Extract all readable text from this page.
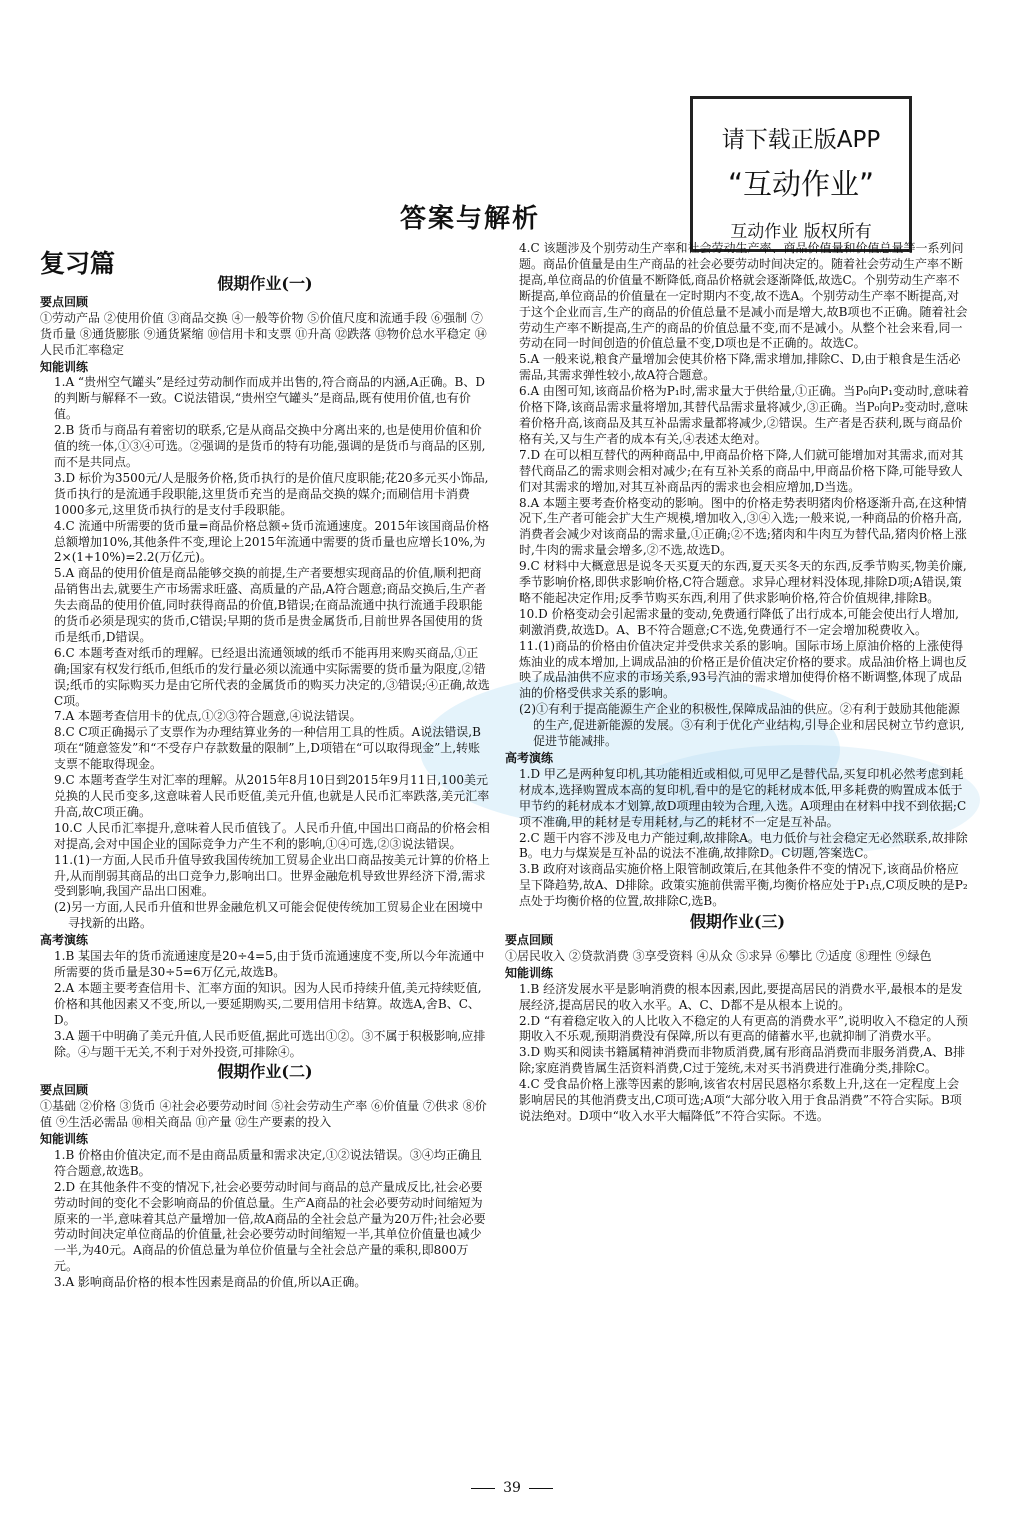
请下载正版APP
“互动作业”
互动作业 版权所有
答案与解析
复习篇
假期作业(一)
要点回顾

①劳动产品 ②使用价值 ③商品交换 ④一般等价物 ⑤价值尺度和流通手段 ⑥强制 ⑦货币量 ⑧通货膨胀 ⑨通货紧缩 ⑩信用卡和支票 ⑪升高 ⑫跌落 ⑬物价总水平稳定 ⑭人民币汇率稳定

知能训练

1.A “贵州空气罐头”是经过劳动制作而成并出售的,符合商品的内涵,A正确。B、D的判断与解释不一致。C说法错误,“贵州空气罐头”是商品,既有使用价值,也有价值。

2.B 货币与商品有着密切的联系,它是从商品交换中分离出来的,也是使用价值和价值的统一体,①③④可选。②强调的是货币的特有功能,强调的是货币与商品的区别,而不是共同点。

3.D 标价为3500元/人是服务价格,货币执行的是价值尺度职能;花20多元买小饰品,货币执行的是流通手段职能,这里货币充当的是商品交换的媒介;而刷信用卡消费1000多元,这里货币执行的是支付手段职能。

4.C 流通中所需要的货币量=商品价格总额÷货币流通速度。2015年该国商品价格总额增加10%,其他条件不变,理论上2015年流通中需要的货币量也应增长10%,为2×(1+10%)=2.2(万亿元)。

5.A 商品的使用价值是商品能够交换的前提,生产者要想实现商品的价值,顺利把商品销售出去,就要生产市场需求旺盛、高质量的产品,A符合题意;商品交换后,生产者失去商品的使用价值,同时获得商品的价值,B错误;在商品流通中执行流通手段职能的货币必须是现实的货币,C错误;早期的货币是贵金属货币,目前世界各国使用的货币是纸币,D错误。

6.C 本题考查对纸币的理解。已经退出流通领域的纸币不能再用来购买商品,①正确;国家有权发行纸币,但纸币的发行量必须以流通中实际需要的货币量为限度,②错误;纸币的实际购买力是由它所代表的金属货币的购买力决定的,③错误;④正确,故选C项。

7.A 本题考查信用卡的优点,①②③符合题意,④说法错误。

8.C C项正确揭示了支票作为办理结算业务的一种信用工具的性质。A说法错误,B项在“随意签发”和“不受存户存款数量的限制”上,D项错在“可以取得现金”上,转账支票不能取得现金。

9.C 本题考查学生对汇率的理解。从2015年8月10日到2015年9月11日,100美元兑换的人民币变多,这意味着人民币贬值,美元升值,也就是人民币汇率跌落,美元汇率升高,故C项正确。

10.C 人民币汇率提升,意味着人民币值钱了。人民币升值,中国出口商品的价格会相对提高,会对中国企业的国际竞争力产生不利的影响,①④可选,②③说法错误。

11.(1)一方面,人民币升值导致我国传统加工贸易企业出口商品按美元计算的价格上升,从而削弱其商品的出口竞争力,影响出口。世界金融危机导致世界经济下滑,需求受到影响,我国产品出口困难。

(2)另一方面,人民币升值和世界金融危机又可能会促使传统加工贸易企业在困境中寻找新的出路。

高考演练

1.B 某国去年的货币流通速度是20÷4=5,由于货币流通速度不变,所以今年流通中所需要的货币量是30÷5=6万亿元,故选B。

2.A 本题主要考查信用卡、汇率方面的知识。因为人民币持续升值,美元持续贬值,价格和其他因素又不变,所以,一要延期购买,二要用信用卡结算。故选A,舍B、C、D。

3.A 题干中明确了美元升值,人民币贬值,据此可选出①②。③不属于积极影响,应排除。④与题干无关,不利于对外投资,可排除④。

假期作业(二)
要点回顾

①基础 ②价格 ③货币 ④社会必要劳动时间 ⑤社会劳动生产率 ⑥价值量 ⑦供求 ⑧价值 ⑨生活必需品 ⑩相关商品 ⑪产量 ⑫生产要素的投入

知能训练

1.B 价格由价值决定,而不是由商品质量和需求决定,①②说法错误。③④均正确且符合题意,故选B。

2.D 在其他条件不变的情况下,社会必要劳动时间与商品的总产量成反比,社会必要劳动时间的变化不会影响商品的价值总量。生产A商品的社会必要劳动时间缩短为原来的一半,意味着其总产量增加一倍,故A商品的全社会总产量为20万件;社会必要劳动时间决定单位商品的价值量,社会必要劳动时间缩短一半,其单位价值量也减少一半,为40元。A商品的价值总量为单位价值量与全社会总产量的乘积,即800万元。

3.A 影响商品价格的根本性因素是商品的价值,所以A正确。

4.C 该题涉及个别劳动生产率和社会劳动生产率、商品价值量和价值总量等一系列问题。商品价值量是由生产商品的社会必要劳动时间决定的。随着社会劳动生产率不断提高,单位商品的价值量不断降低,商品价格就会逐渐降低,故选C。个别劳动生产率不断提高,单位商品的价值量在一定时期内不变,故不选A。个别劳动生产率不断提高,对于这个企业而言,生产的商品的价值总量不是减小而是增大,故B项也不正确。随着社会劳动生产率不断提高,生产的商品的价值总量不变,而不是减小。从整个社会来看,同一劳动在同一时间创造的价值总量不变,D项也是不正确的。故选C。

5.A 一般来说,粮食产量增加会使其价格下降,需求增加,排除C、D,由于粮食是生活必需品,其需求弹性较小,故A符合题意。

6.A 由图可知,该商品价格为P₁时,需求量大于供给量,①正确。当P₀向P₁变动时,意味着价格下降,该商品需求量将增加,其替代品需求量将减少,③正确。当P₀向P₂变动时,意味着价格升高,该商品及其互补品需求量都将减少,②错误。生产者是否获利,既与商品价格有关,又与生产者的成本有关,④表述太绝对。

7.D 在可以相互替代的两种商品中,甲商品价格下降,人们就可能增加对其需求,而对其替代商品乙的需求则会相对减少;在有互补关系的商品中,甲商品价格下降,可能导致人们对其需求的增加,对其互补商品丙的需求也会相应增加,D当选。

8.A 本题主要考查价格变动的影响。图中的价格走势表明猪肉价格逐渐升高,在这种情况下,生产者可能会扩大生产规模,增加收入,③④入选;一般来说,一种商品的价格升高,消费者会减少对该商品的需求量,①正确;②不选;猪肉和牛肉互为替代品,猪肉价格上涨时,牛肉的需求量会增多,②不选,故选D。

9.C 材料中大概意思是说冬天买夏天的东西,夏天买冬天的东西,反季节购买,物美价廉,季节影响价格,即供求影响价格,C符合题意。求异心理材料没体现,排除D项;A错误,策略不能起决定作用;反季节购买东西,利用了供求影响价格,符合价值规律,排除B。

10.D 价格变动会引起需求量的变动,免费通行降低了出行成本,可能会使出行人增加,刺激消费,故选D。A、B不符合题意;C不选,免费通行不一定会增加税费收入。

11.(1)商品的价格由价值决定并受供求关系的影响。国际市场上原油价格的上涨使得炼油业的成本增加,上调成品油的价格正是价值决定价格的要求。成品油价格上调也反映了成品油供不应求的市场关系,93号汽油的需求增加使得价格不断调整,体现了成品油的价格受供求关系的影响。

(2)①有利于提高能源生产企业的积极性,保障成品油的供应。②有利于鼓励其他能源的生产,促进新能源的发展。③有利于优化产业结构,引导企业和居民树立节约意识,促进节能减排。

高考演练

1.D 甲乙是两种复印机,其功能相近或相似,可见甲乙是替代品,买复印机必然考虑到耗材成本,选择购置成本高的复印机,看中的是它的耗材成本低,甲多耗费的购置成本低于甲节约的耗材成本才划算,故D项理由较为合理,入选。A项理由在材料中找不到依据;C项不准确,甲的耗材是专用耗材,与乙的耗材不一定是互补品。

2.C 题干内容不涉及电力产能过剩,故排除A。电力低价与社会稳定无必然联系,故排除B。电力与煤炭是互补品的说法不准确,故排除D。C切题,答案选C。

3.B 政府对该商品实施价格上限管制政策后,在其他条件不变的情况下,该商品价格应呈下降趋势,故A、D排除。政策实施前供需平衡,均衡价格应处于P₁点,C项反映的是P₂点处于均衡价格的位置,故排除C,选B。

假期作业(三)
要点回顾

①居民收入 ②贷款消费 ③享受资料 ④从众 ⑤求异 ⑥攀比 ⑦适度 ⑧理性 ⑨绿色

知能训练

1.B 经济发展水平是影响消费的根本因素,因此,要提高居民的消费水平,最根本的是发展经济,提高居民的收入水平。A、C、D都不是从根本上说的。

2.D “有着稳定收入的人比收入不稳定的人有更高的消费水平”,说明收入不稳定的人预期收入不乐观,预期消费没有保障,所以有更高的储蓄水平,也就抑制了消费水平。

3.D 购买和阅读书籍属精神消费而非物质消费,属有形商品消费而非服务消费,A、B排除;家庭消费皆属生活资料消费,C过于笼统,未对买书消费进行准确分类,排除C。

4.C 受食品价格上涨等因素的影响,该省农村居民恩格尔系数上升,这在一定程度上会影响居民的其他消费支出,C项可选;A项“大部分收入用于食品消费”不符合实际。B项说法绝对。D项中“收入水平大幅降低”不符合实际。不选。

39
